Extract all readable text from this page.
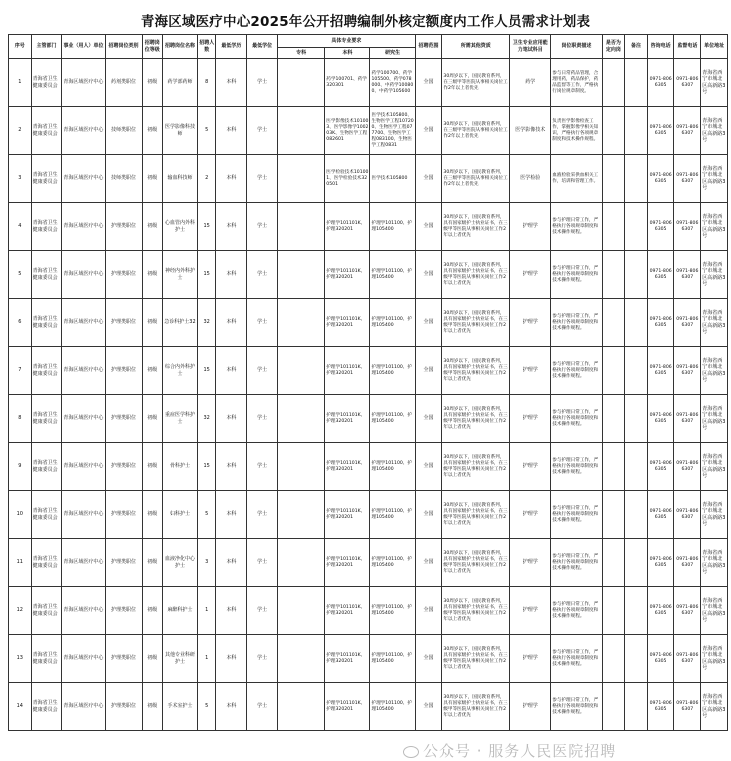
青海区域医疗中心2025年公开招聘编制外核定额度内工作人员需求计划表
序号	主管部门	事业（用人）单位	招聘岗位类别	招聘岗位等级	招聘岗位名称	招聘人数	最低学历	最低学位	具体专业要求			招聘范围	所需其他资质	卫生专业应用能力笔试科目	岗位职责描述	是否为定向岗	备注	咨询电话	监督电话	单位地址
									专科	本科	研究生									
1	青海省卫生健康委员会	青海区域医疗中心	药剂类职位	初级	药学部药师	8	本科	学士		药学100701、药学320301	药学100700、药学105500、药学078000、中药学100800、中药学105600	全国	30周岁以下，国民教育系列，在三级甲等医院从事相关岗位工作2年以上者优先	药学	参与日常药品管理，合理用药，药品保护，药品监督等工作，严格执行岗位规章制度。			0971-8066305	0971-8066307	青海省西宁市城北区高新路3号
2	青海省卫生健康委员会	青海区域医疗中心	技师类职位	初级	医学影像科技师	5	本科	学士		医学影像技术101003、医学影像学100203K、生物医学工程082601	医学技术105800、生物医学工程107200、生物医学工程077700、生物医学工程083100、生物医学工程0831	全国	30周岁以下，国民教育系列，在三级甲等医院从事相关岗位工作2年以上者优先	医学影像技术	负责医学影像检查工作，掌握影像学相关知识，严格执行各项规章制度和技术操作规程。			0971-8066305	0971-8066307	青海省西宁市城北区高新路3号
3	青海省卫生健康委员会	青海区域医疗中心	技师类职位	初级	输血科技师	2	本科	学士		医学检验技术101001、医学检验技术320501	医学技术105800	全国	30周岁以下，国民教育系列，在三级甲等医院从事相关岗位工作2年以上者优先	医学检验	血液检验采供血相关工作，培训和管理工作。			0971-8066305	0971-8066307	青海省西宁市城北区高新路3号
4	青海省卫生健康委员会	青海区域医疗中心	护理类职位	初级	心血管内外科护士	15	本科	学士		护理学101101K、护理320201	护理学101100、护理105400	全国	30周岁以下，国民教育系列，具有国家级护士执业证书，在三级甲等医院从事相关岗位工作2年以上者优先	护理学	参与护理日常工作，严格执行各项规章制度和技术操作规程。			0971-8066305	0971-8066307	青海省西宁市城北区高新路3号
5	青海省卫生健康委员会	青海区域医疗中心	护理类职位	初级	神经内外科护士	15	本科	学士		护理学101101K、护理320201	护理学101100、护理105400	全国	30周岁以下，国民教育系列，具有国家级护士执业证书，在三级甲等医院从事相关岗位工作2年以上者优先	护理学	参与护理日常工作，严格执行各项规章制度和技术操作规程。			0971-8066305	0971-8066307	青海省西宁市城北区高新路3号
6	青海省卫生健康委员会	青海区域医疗中心	护理类职位	初级	急诊科护士32	32	本科	学士		护理学101101K、护理320201	护理学101100、护理105400	全国	30周岁以下，国民教育系列，具有国家级护士执业证书，在三级甲等医院从事相关岗位工作2年以上者优先	护理学	参与护理日常工作，严格执行各项规章制度和技术操作规程。			0971-8066305	0971-8066307	青海省西宁市城北区高新路3号
7	青海省卫生健康委员会	青海区域医疗中心	护理类职位	初级	综合内外科护士	15	本科	学士		护理学101101K、护理320201	护理学101100、护理105400	全国	30周岁以下，国民教育系列，具有国家级护士执业证书，在三级甲等医院从事相关岗位工作2年以上者优先	护理学	参与护理日常工作，严格执行各项规章制度和技术操作规程。			0971-8066305	0971-8066307	青海省西宁市城北区高新路3号
8	青海省卫生健康委员会	青海区域医疗中心	护理类职位	初级	重症医学科护士	32	本科	学士		护理学101101K、护理320201	护理学101100、护理105400	全国	30周岁以下，国民教育系列，具有国家级护士执业证书，在三级甲等医院从事相关岗位工作2年以上者优先	护理学	参与护理日常工作，严格执行各项规章制度和技术操作规程。			0971-8066305	0971-8066307	青海省西宁市城北区高新路3号
9	青海省卫生健康委员会	青海区域医疗中心	护理类职位	初级	骨科护士	15	本科	学士		护理学101101K、护理320201	护理学101100、护理105400	全国	30周岁以下，国民教育系列，具有国家级护士执业证书，在三级甲等医院从事相关岗位工作2年以上者优先	护理学	参与护理日常工作，严格执行各项规章制度和技术操作规程。			0971-8066305	0971-8066307	青海省西宁市城北区高新路3号
10	青海省卫生健康委员会	青海区域医疗中心	护理类职位	初级	妇科护士	5	本科	学士		护理学101101K、护理320201	护理学101100、护理105400	全国	30周岁以下，国民教育系列，具有国家级护士执业证书，在三级甲等医院从事相关岗位工作2年以上者优先	护理学	参与护理日常工作，严格执行各项规章制度和技术操作规程。			0971-8066305	0971-8066307	青海省西宁市城北区高新路3号
11	青海省卫生健康委员会	青海区域医疗中心	护理类职位	初级	血液净化中心护士	3	本科	学士		护理学101101K、护理320201	护理学101100、护理105400	全国	30周岁以下，国民教育系列，具有国家级护士执业证书，在三级甲等医院从事相关岗位工作2年以上者优先	护理学	参与护理日常工作，严格执行各项规章制度和技术操作规程。			0971-8066305	0971-8066307	青海省西宁市城北区高新路3号
12	青海省卫生健康委员会	青海区域医疗中心	护理类职位	初级	麻醉科护士	1	本科	学士		护理学101101K、护理320201	护理学101100、护理105400	全国	30周岁以下，国民教育系列，具有国家级护士执业证书，在三级甲等医院从事相关岗位工作2年以上者优先	护理学	参与护理日常工作，严格执行各项规章制度和技术操作规程。			0971-8066305	0971-8066307	青海省西宁市城北区高新路3号
13	青海省卫生健康委员会	青海区域医疗中心	护理类职位	初级	其他专业科研护士	1	本科	学士		护理学101101K、护理320201	护理学101100、护理105400	全国	30周岁以下，国民教育系列，具有国家级护士执业证书，在三级甲等医院从事相关岗位工作2年以上者优先	护理学	参与护理日常工作，严格执行各项规章制度和技术操作规程。			0971-8066305	0971-8066307	青海省西宁市城北区高新路3号
14	青海省卫生健康委员会	青海区域医疗中心	护理类职位	初级	手术室护士	5	本科	学士		护理学101101K、护理320201	护理学101100、护理105400	全国	30周岁以下，国民教育系列，具有国家级护士执业证书，在三级甲等医院从事相关岗位工作2年以上者优先	护理学	参与护理日常工作，严格执行各项规章制度和技术操作规程。			0971-8066305	0971-8066307	青海省西宁市城北区高新路3号
公众号 · 服务人民医院招聘
